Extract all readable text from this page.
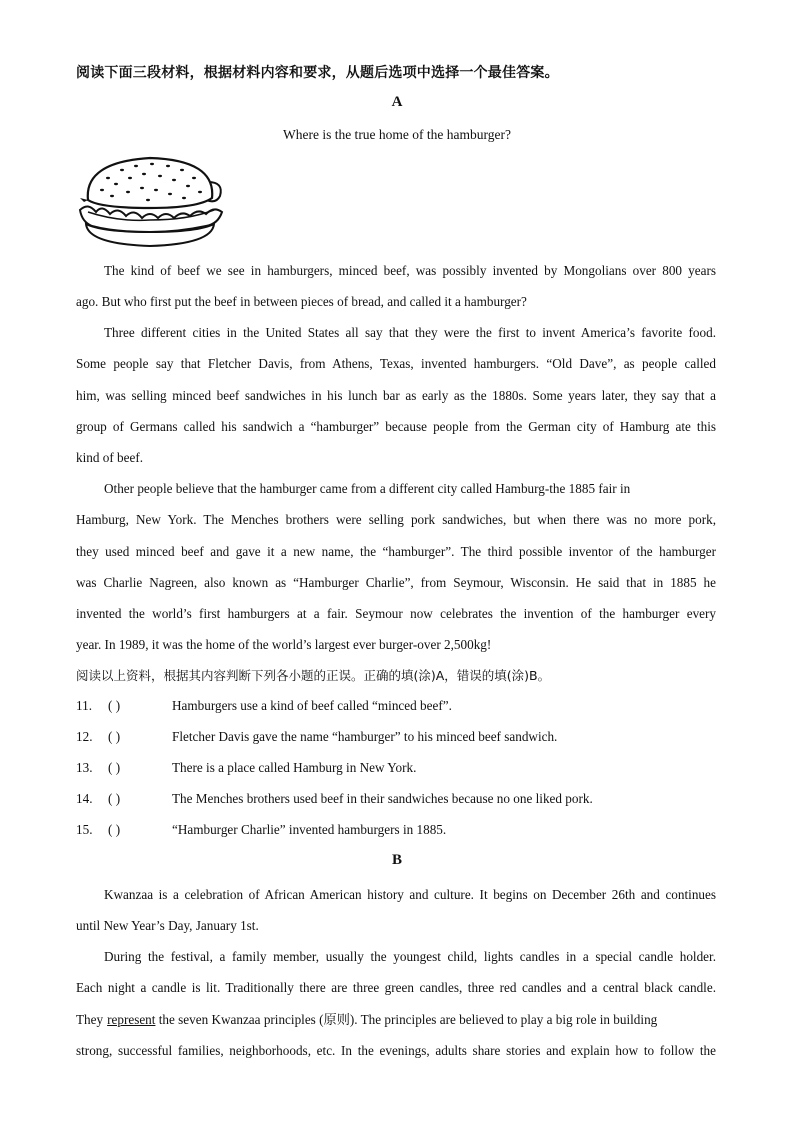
阅读下面三段材料，根据材料内容和要求，从题后选项中选择一个最佳答案。
A
Where is the true home of the hamburger?
The kind of beef we see in hamburgers, minced beef, was possibly invented by Mongolians over 800 years
ago. But who first put the beef in between pieces of bread, and called it a hamburger?
Three different cities in the United States all say that they were the first to invent America’s favorite food.
Some people say that Fletcher Davis, from Athens, Texas, invented hamburgers. “Old Dave”, as people called
him, was selling minced beef sandwiches in his lunch bar as early as the 1880s. Some years later, they say that a
group of Germans called his sandwich a “hamburger” because people from the German city of Hamburg ate this
kind of beef.
Other people believe that the hamburger came from a different city called Hamburg-the 1885 fair in
Hamburg, New York. The Menches brothers were selling pork sandwiches, but when there was no more pork,
they used minced beef and gave it a new name, the “hamburger”. The third possible inventor of the hamburger
was Charlie Nagreen, also known as “Hamburger Charlie”, from Seymour, Wisconsin. He said that in 1885 he
invented the world’s first hamburgers at a fair. Seymour now celebrates the invention of the hamburger every
year. In 1989, it was the home of the world’s largest ever burger-over 2,500kg!
阅读以上资料，根据其内容判断下列各小题的正误。正确的填(涂)A，错误的填(涂)B。
11. ( )	Hamburgers use a kind of beef called “minced beef”.
12. ( )	Fletcher Davis gave the name “hamburger” to his minced beef sandwich.
13. ( )	There is a place called Hamburg in New York.
14. ( )	The Menches brothers used beef in their sandwiches because no one liked pork.
15. ( )	“Hamburger Charlie” invented hamburgers in 1885.
B
Kwanzaa is a celebration of African American history and culture. It begins on December 26th and continues
until New Year’s Day, January 1st.
During the festival, a family member, usually the youngest child, lights candles in a special candle holder.
Each night a candle is lit. Traditionally there are three green candles, three red candles and a central black candle.
They represent the seven Kwanzaa principles (原则). The principles are believed to play a big role in building
strong, successful families, neighborhoods, etc. In the evenings, adults share stories and explain how to follow the
